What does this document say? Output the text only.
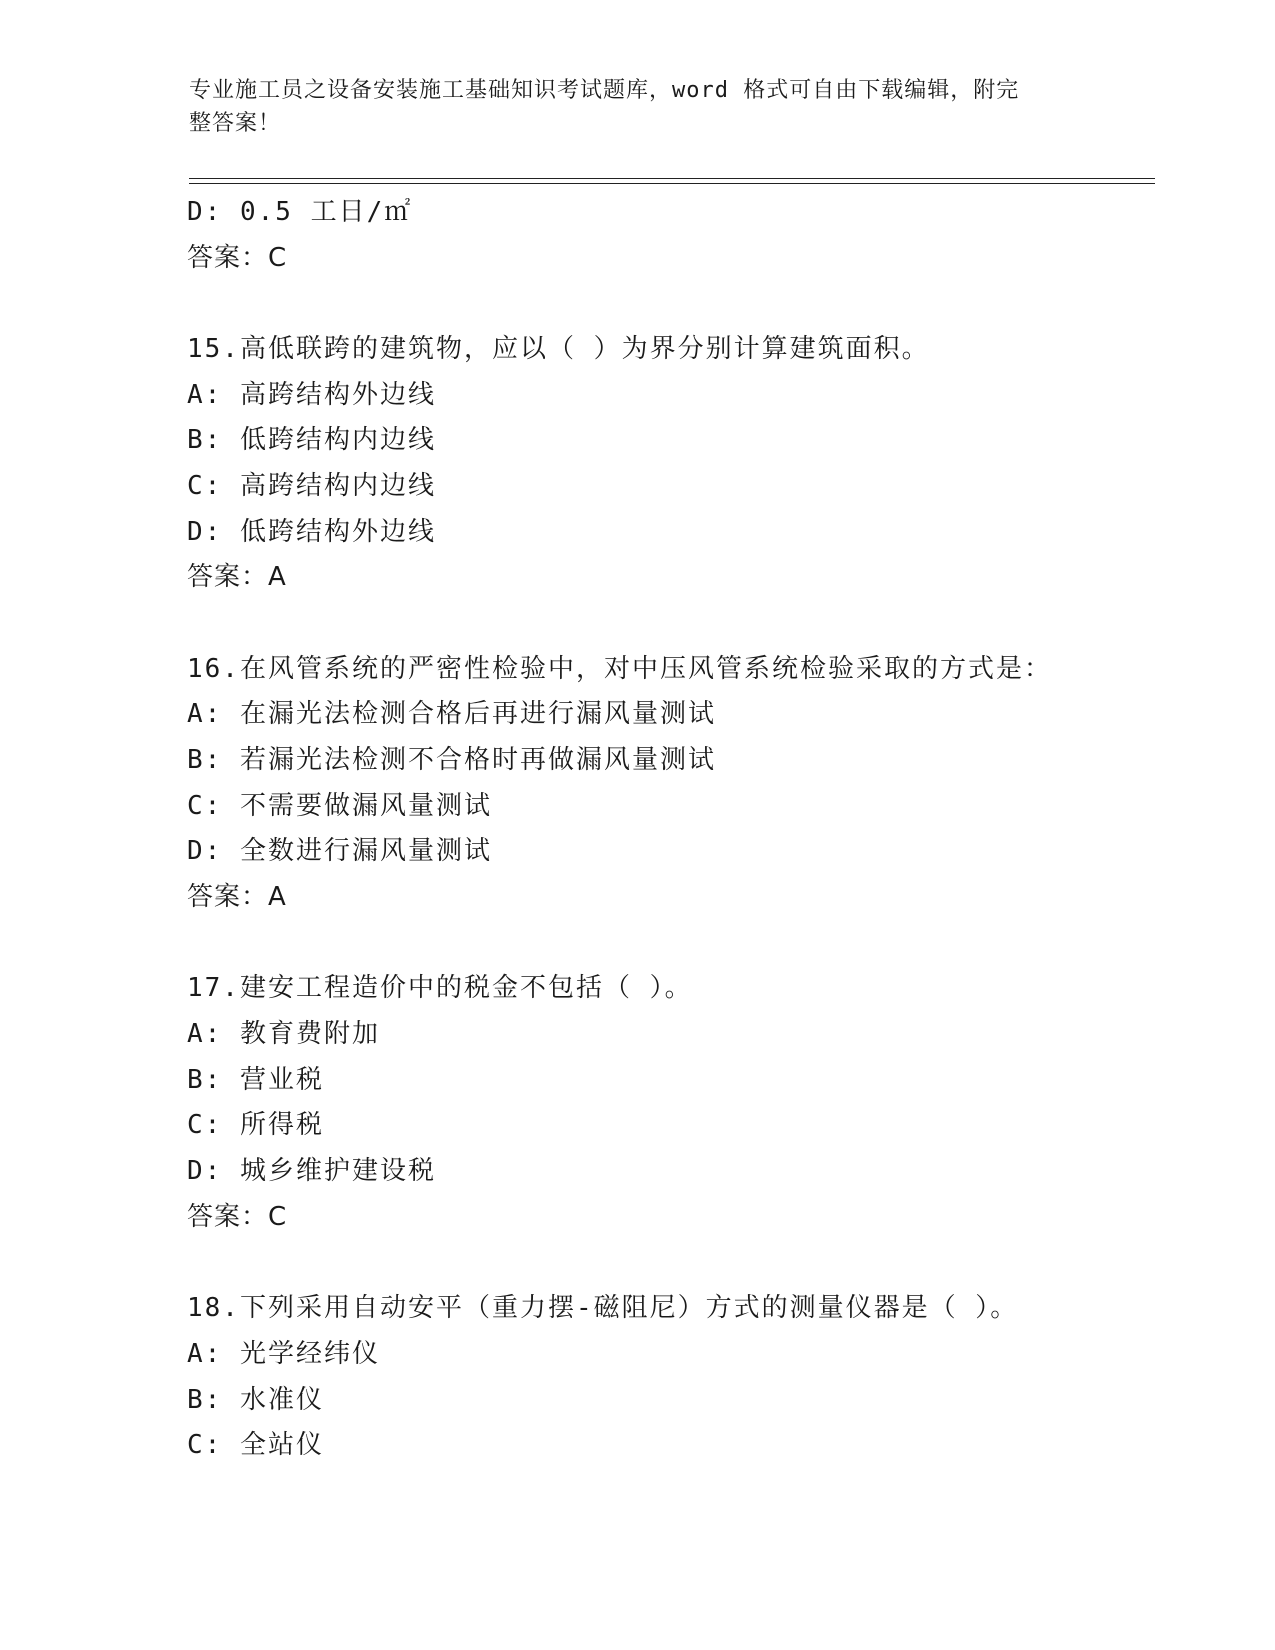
专业施工员之设备安装施工基础知识考试题库，word 格式可自由下载编辑，附完
整答案！
D: 0.5 工日/㎡
答案：C
15.高低联跨的建筑物，应以（ ）为界分别计算建筑面积。
A: 高跨结构外边线
B: 低跨结构内边线
C: 高跨结构内边线
D: 低跨结构外边线
答案：A
16.在风管系统的严密性检验中，对中压风管系统检验采取的方式是：
A: 在漏光法检测合格后再进行漏风量测试
B: 若漏光法检测不合格时再做漏风量测试
C: 不需要做漏风量测试
D: 全数进行漏风量测试
答案：A
17.建安工程造价中的税金不包括（ ）。
A: 教育费附加
B: 营业税
C: 所得税
D: 城乡维护建设税
答案：C
18.下列采用自动安平（重力摆-磁阻尼）方式的测量仪器是（ ）。
A: 光学经纬仪
B: 水准仪
C: 全站仪
